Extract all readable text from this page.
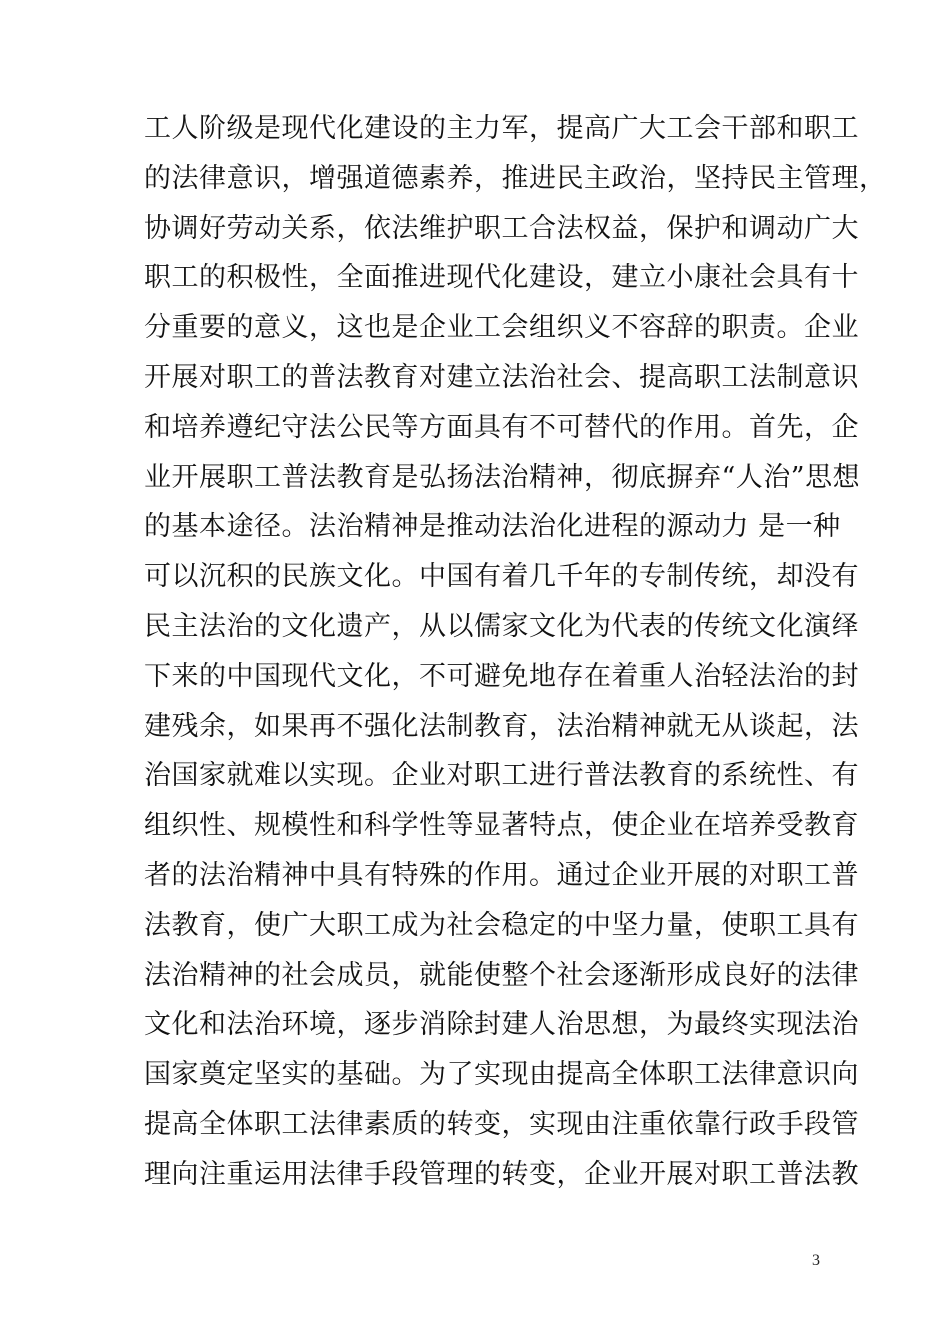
工人阶级是现代化建设的主力军，提高广大工会干部和职工
的法律意识，增强道德素养，推进民主政治，坚持民主管理，
协调好劳动关系，依法维护职工合法权益，保护和调动广大
职工的积极性，全面推进现代化建设，建立小康社会具有十
分重要的意义，这也是企业工会组织义不容辞的职责。企业
开展对职工的普法教育对建立法治社会、提高职工法制意识
和培养遵纪守法公民等方面具有不可替代的作用。首先，企
业开展职工普法教育是弘扬法治精神，彻底摒弃“人治”思想
的基本途径。法治精神是推动法治化进程的源动力 是一种
可以沉积的民族文化。中国有着几千年的专制传统，却没有
民主法治的文化遗产，从以儒家文化为代表的传统文化演绎
下来的中国现代文化，不可避免地存在着重人治轻法治的封
建残余，如果再不强化法制教育，法治精神就无从谈起，法
治国家就难以实现。企业对职工进行普法教育的系统性、有
组织性、规模性和科学性等显著特点，使企业在培养受教育
者的法治精神中具有特殊的作用。通过企业开展的对职工普
法教育，使广大职工成为社会稳定的中坚力量，使职工具有
法治精神的社会成员，就能使整个社会逐渐形成良好的法律
文化和法治环境，逐步消除封建人治思想，为最终实现法治
国家奠定坚实的基础。为了实现由提高全体职工法律意识向
提高全体职工法律素质的转变，实现由注重依靠行政手段管
理向注重运用法律手段管理的转变，企业开展对职工普法教
3
